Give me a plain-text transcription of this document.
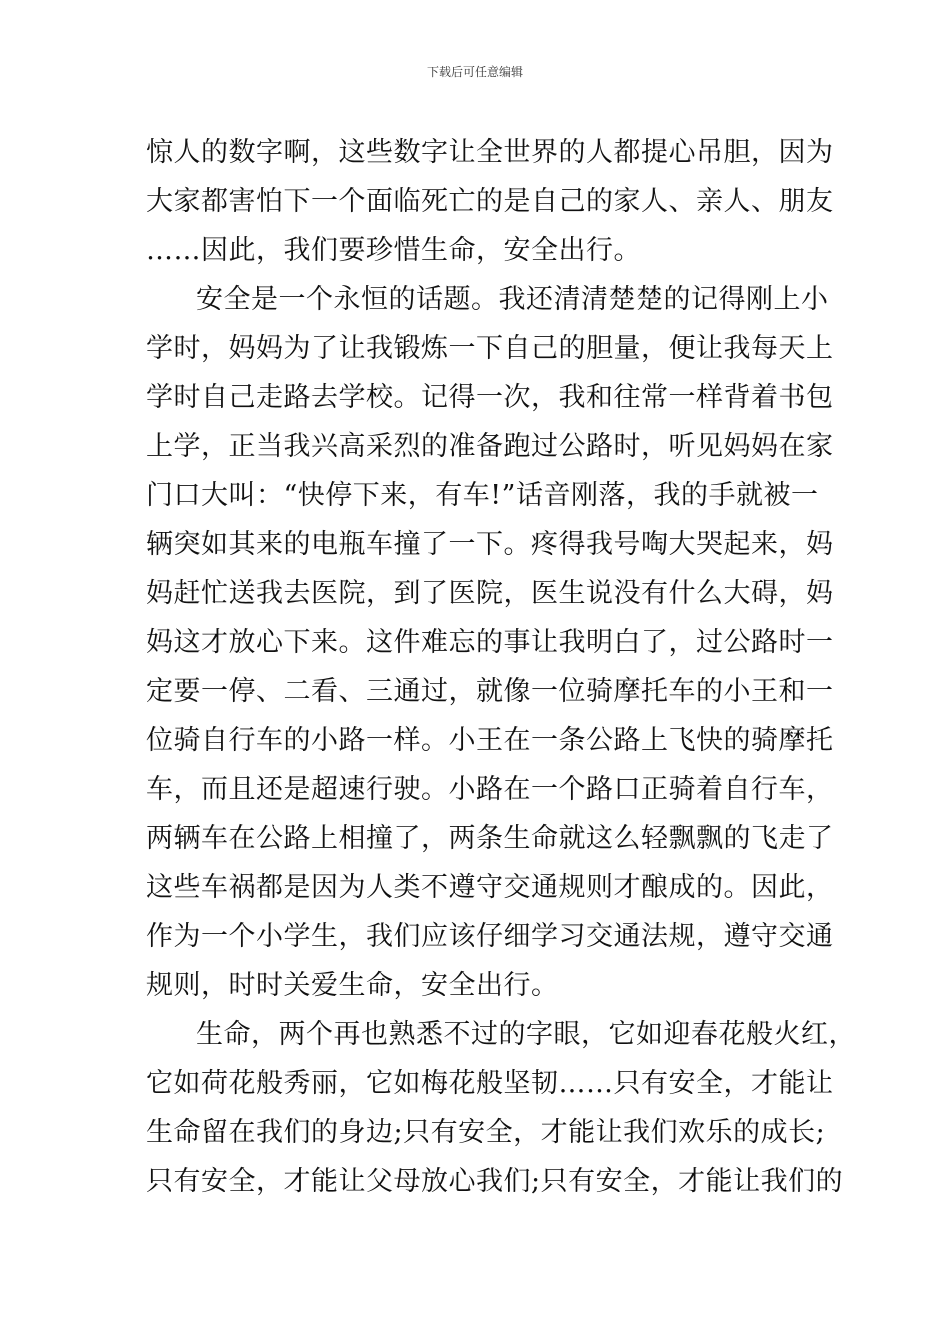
下载后可任意编辑
惊人的数字啊，这些数字让全世界的人都提心吊胆，因为
大家都害怕下一个面临死亡的是自己的家人、亲人、朋友
……因此，我们要珍惜生命，安全出行。
安全是一个永恒的话题。我还清清楚楚的记得刚上小
学时，妈妈为了让我锻炼一下自己的胆量，便让我每天上
学时自己走路去学校。记得一次，我和往常一样背着书包
上学，正当我兴高采烈的准备跑过公路时，听见妈妈在家
门口大叫：“快停下来，有车!”话音刚落，我的手就被一
辆突如其来的电瓶车撞了一下。疼得我号啕大哭起来，妈
妈赶忙送我去医院，到了医院，医生说没有什么大碍，妈
妈这才放心下来。这件难忘的事让我明白了，过公路时一
定要一停、二看、三通过，就像一位骑摩托车的小王和一
位骑自行车的小路一样。小王在一条公路上飞快的骑摩托
车，而且还是超速行驶。小路在一个路口正骑着自行车，
两辆车在公路上相撞了，两条生命就这么轻飘飘的飞走了
这些车祸都是因为人类不遵守交通规则才酿成的。因此，
作为一个小学生，我们应该仔细学习交通法规，遵守交通
规则，时时关爱生命，安全出行。
生命，两个再也熟悉不过的字眼，它如迎春花般火红，
它如荷花般秀丽，它如梅花般坚韧……只有安全，才能让
生命留在我们的身边;只有安全，才能让我们欢乐的成长;
只有安全，才能让父母放心我们;只有安全，才能让我们的
